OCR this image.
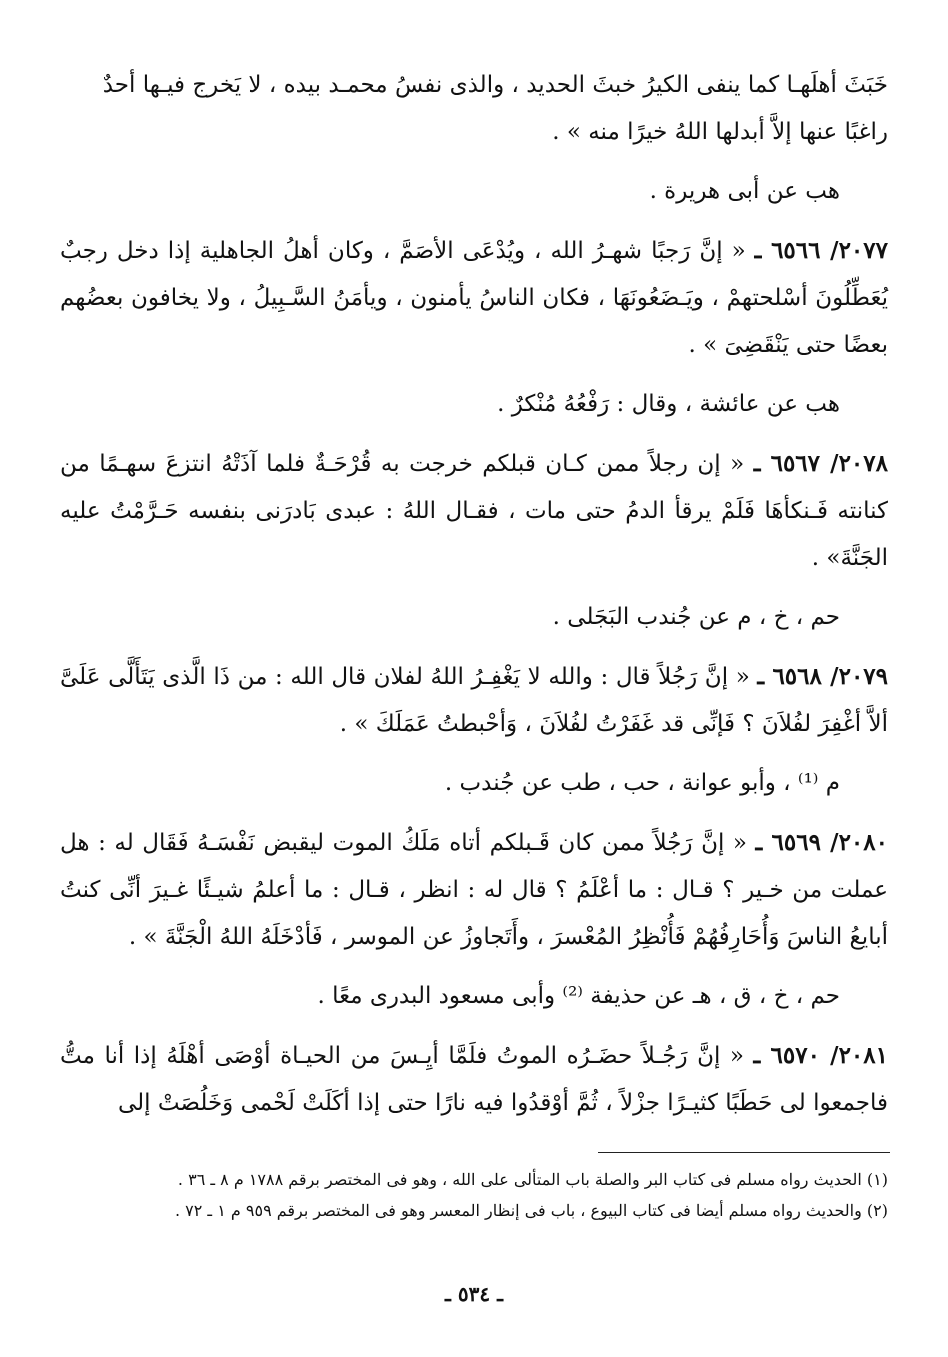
خَبَثَ أهلَهـا كما ينفى الكيرُ خبثَ الحديد ، والذى نفسُ محمـد بيده ، لا يَخرج فيـها أحدٌ

راغبًا عنها إلاَّ أبدلها اللهُ خيرًا منه » .

هب عن أبى هريرة .

٢٠٧٧/ ٦٥٦٦ ـ « إنَّ رَجبًا شهـرُ الله ، ويُدْعَى الأصَمَّ ، وكان أهلُ الجاهلية إذا دخل رجبٌ يُعَطِّلُونَ أسْلحتهمْ ، ويَـضَعُونَهَا ، فكان الناسُ يأمنون ، ويأمَنُ السَّـبِيلُ ، ولا يخافون بعضُهم بعضًا حتى يَنْقَضِىَ » .

هب عن عائشة ، وقال : رَفْعُهُ مُنْكرٌ .

٢٠٧٨/ ٦٥٦٧ ـ « إن رجلاً ممن كـان قبلكم خرجت به قُرْحَـةٌ فلما آذَتْهُ انتزعَ سهـمًا من كنانته فَـنكأهَا فَلَمْ يرقأ الدمُ حتى مات ، فقـال اللهُ : عبدى بَادرَنى بنفسه حَـرَّمْتُ عليه الجَنَّةَ» .

حم ، خ ، م عن جُندب البَجَلى .

٢٠٧٩/ ٦٥٦٨ ـ « إنَّ رَجُلاً قال : والله لا يَغْفِـرُ اللهُ لفلان قال الله : من ذَا الَّذى يَتَأَلَّى عَلَىَّ ألاَّ أغْفِرَ لفُلاَنَ ؟ فَإنِّى قد غَفَرْتُ لفُلاَنَ ، وَأحْبطتُ عَمَلَكَ » .

م ⁽¹⁾ ، وأبو عوانة ، حب ، طب عن جُندب .

٢٠٨٠/ ٦٥٦٩ ـ « إنَّ رَجُلاً ممن كان قَـبلكم أتاه مَلَكُ الموت ليقبض نَفْسَـهُ فَقَال له : هل عملت من خـير ؟ قـال : ما أعْلَمُ ؟ قال له : انظر ، قـال : ما أعلمُ شيـئًا غـيرَ أنِّى كنتُ أبايعُ الناسَ وَأُحَارِفُهُمْ فَأُنْظِرُ المُعْسرَ ، وأَتَجاوزُ عن الموسر ، فَأدْخَلَهُ اللهُ الْجَنَّةَ » .

حم ، خ ، ق ، هـ عن حذيفة ⁽²⁾ وأبى مسعود البدرى معًا .

٢٠٨١/ ٦٥٧٠ ـ « إنَّ رَجُـلاً حضَـرُه الموتُ فلَمَّا أيِـسَ من الحيـاة أوْصَى أهْلَهُ إذا أنا متُّ فاجمعوا لى حَطَبًا كثيـرًا جزْلاً ، ثُمَّ أوْقدُوا فيه نارًا حتى إذا أكَلَتْ لَحْمى وَخَلُصَتْ إلى

(١) الحديث رواه مسلم فى كتاب البر والصلة باب المتألى على الله ، وهو فى المختصر برقم ١٧٨٨ م ٨ ـ ٣٦ .

(٢) والحديث رواه مسلم أيضا فى كتاب البيوع ، باب فى إنظار المعسر وهو فى المختصر برقم ٩٥٩ م ١ ـ ٧٢ .

ـ ٥٣٤ ـ
